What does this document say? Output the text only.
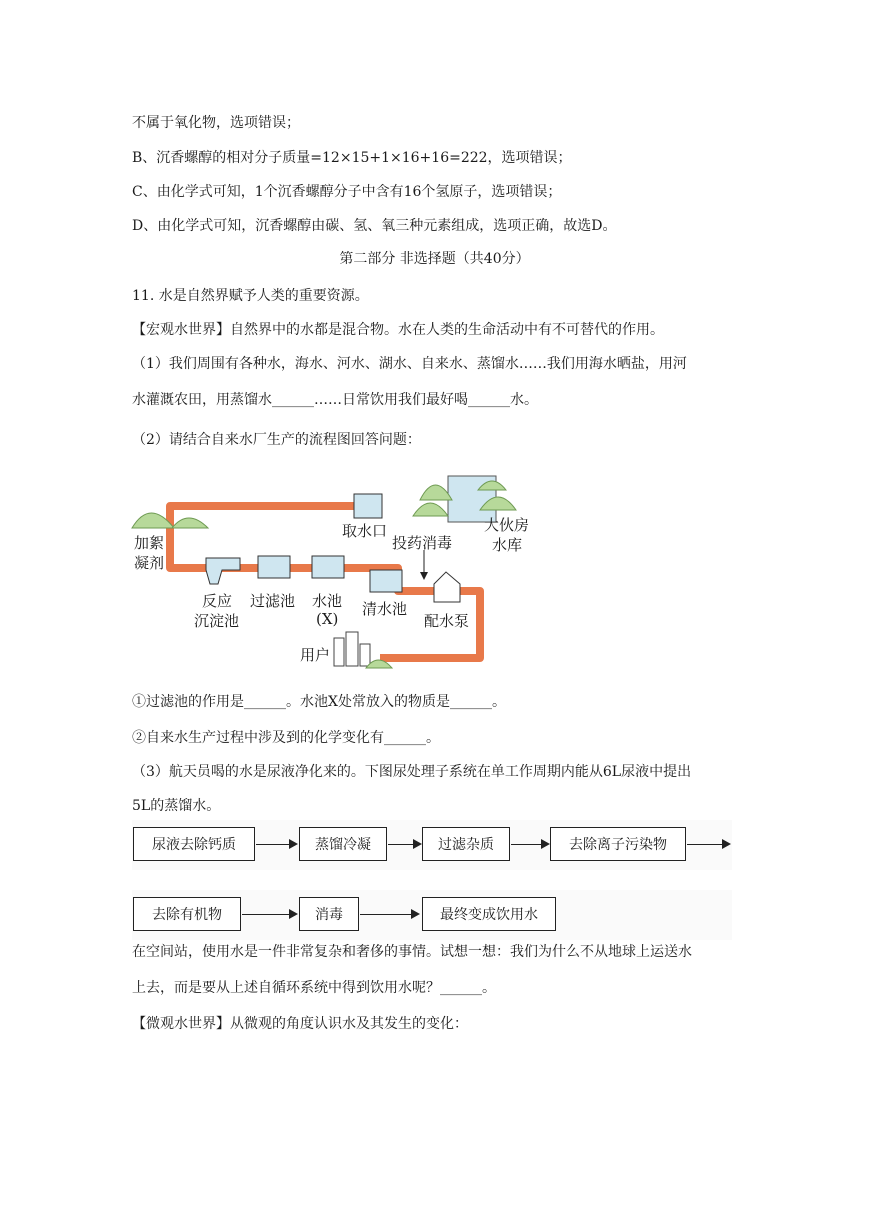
不属于氧化物，选项错误；
B、沉香螺醇的相对分子质量=12×15+1×16+16=222，选项错误；
C、由化学式可知，1个沉香螺醇分子中含有16个氢原子，选项错误；
D、由化学式可知，沉香螺醇由碳、氢、氧三种元素组成，选项正确，故选D。
第二部分 非选择题（共40分）
11. 水是自然界赋予人类的重要资源。
【宏观水世界】自然界中的水都是混合物。水在人类的生命活动中有不可替代的作用。
（1）我们周围有各种水，海水、河水、湖水、自来水、蒸馏水……我们用海水晒盐，用河
水灌溉农田，用蒸馏水______……日常饮用我们最好喝______水。
（2）请结合自来水厂生产的流程图回答问题：
取水口
投药消毒
大伙房
水库
加絮
凝剂
反应
沉淀池
过滤池 水池
(X)
清水池
配水泵
用户
①过滤池的作用是______。水池X处常放入的物质是______。
②自来水生产过程中涉及到的化学变化有______。
（3）航天员喝的水是尿液净化来的。下图尿处理子系统在单工作周期内能从6L尿液中提出
5L的蒸馏水。
尿液去除钙质	蒸馏冷凝	过滤杂质	去除离子污染物
去除有机物	消毒	最终变成饮用水
在空间站，使用水是一件非常复杂和奢侈的事情。试想一想：我们为什么不从地球上运送水
上去，而是要从上述自循环系统中得到饮用水呢？______。
【微观水世界】从微观的角度认识水及其发生的变化：
